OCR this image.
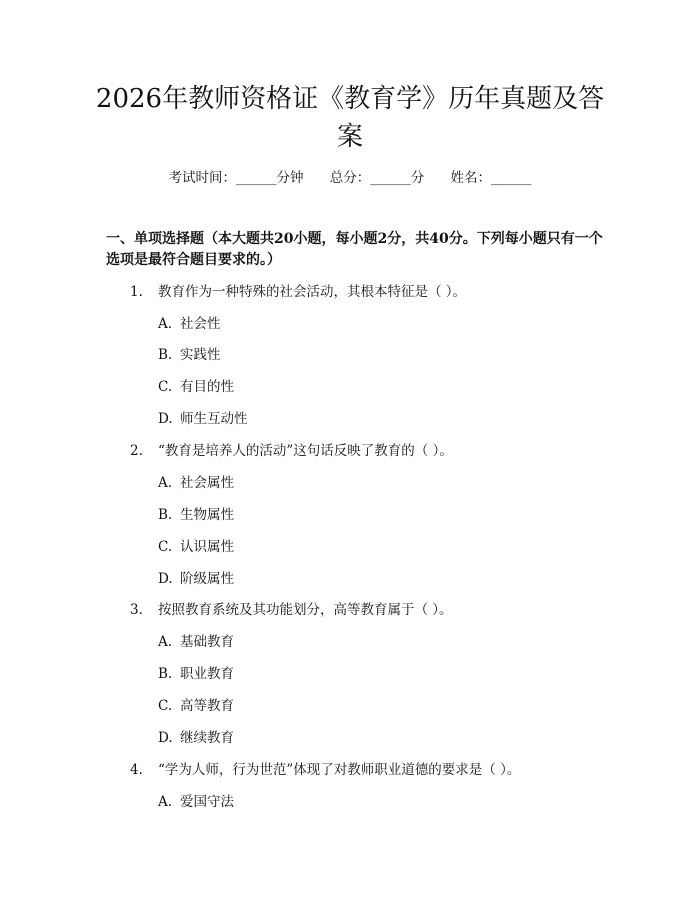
2026年教师资格证《教育学》历年真题及答案
考试时间：______分钟 总分：______分 姓名：______

一、单项选择题（本大题共20小题，每小题2分，共40分。下列每小题只有一个选项是最符合题目要求的。）

1. 教育作为一种特殊的社会活动，其根本特征是（ ）。
A. 社会性
B. 实践性
C. 有目的性
D. 师生互动性
2. “教育是培养人的活动”这句话反映了教育的（ ）。
A. 社会属性
B. 生物属性
C. 认识属性
D. 阶级属性
3. 按照教育系统及其功能划分，高等教育属于（ ）。
A. 基础教育
B. 职业教育
C. 高等教育
D. 继续教育
4. “学为人师，行为世范”体现了对教师职业道德的要求是（ ）。
A. 爱国守法
